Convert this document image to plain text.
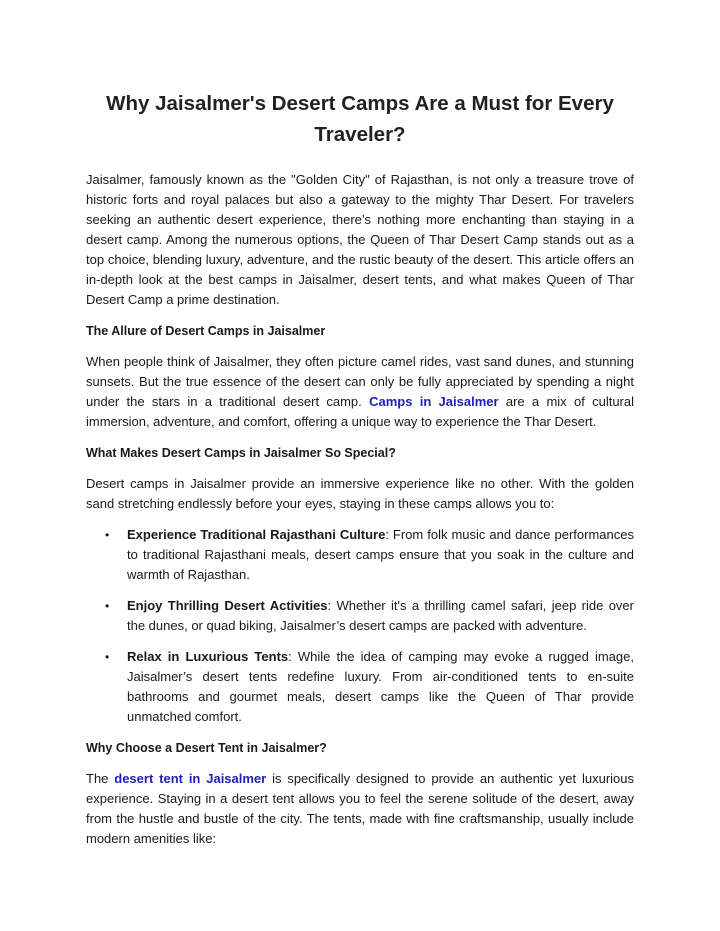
Why Jaisalmer's Desert Camps Are a Must for Every Traveler?

Jaisalmer, famously known as the "Golden City" of Rajasthan, is not only a treasure trove of historic forts and royal palaces but also a gateway to the mighty Thar Desert. For travelers seeking an authentic desert experience, there’s nothing more enchanting than staying in a desert camp. Among the numerous options, the Queen of Thar Desert Camp stands out as a top choice, blending luxury, adventure, and the rustic beauty of the desert. This article offers an in-depth look at the best camps in Jaisalmer, desert tents, and what makes Queen of Thar Desert Camp a prime destination.

The Allure of Desert Camps in Jaisalmer

When people think of Jaisalmer, they often picture camel rides, vast sand dunes, and stunning sunsets. But the true essence of the desert can only be fully appreciated by spending a night under the stars in a traditional desert camp. Camps in Jaisalmer are a mix of cultural immersion, adventure, and comfort, offering a unique way to experience the Thar Desert.

What Makes Desert Camps in Jaisalmer So Special?

Desert camps in Jaisalmer provide an immersive experience like no other. With the golden sand stretching endlessly before your eyes, staying in these camps allows you to:

• Experience Traditional Rajasthani Culture: From folk music and dance performances to traditional Rajasthani meals, desert camps ensure that you soak in the culture and warmth of Rajasthan.
• Enjoy Thrilling Desert Activities: Whether it's a thrilling camel safari, jeep ride over the dunes, or quad biking, Jaisalmer’s desert camps are packed with adventure.
• Relax in Luxurious Tents: While the idea of camping may evoke a rugged image, Jaisalmer’s desert tents redefine luxury. From air-conditioned tents to en-suite bathrooms and gourmet meals, desert camps like the Queen of Thar provide unmatched comfort.
Why Choose a Desert Tent in Jaisalmer?

The desert tent in Jaisalmer is specifically designed to provide an authentic yet luxurious experience. Staying in a desert tent allows you to feel the serene solitude of the desert, away from the hustle and bustle of the city. The tents, made with fine craftsmanship, usually include modern amenities like:
